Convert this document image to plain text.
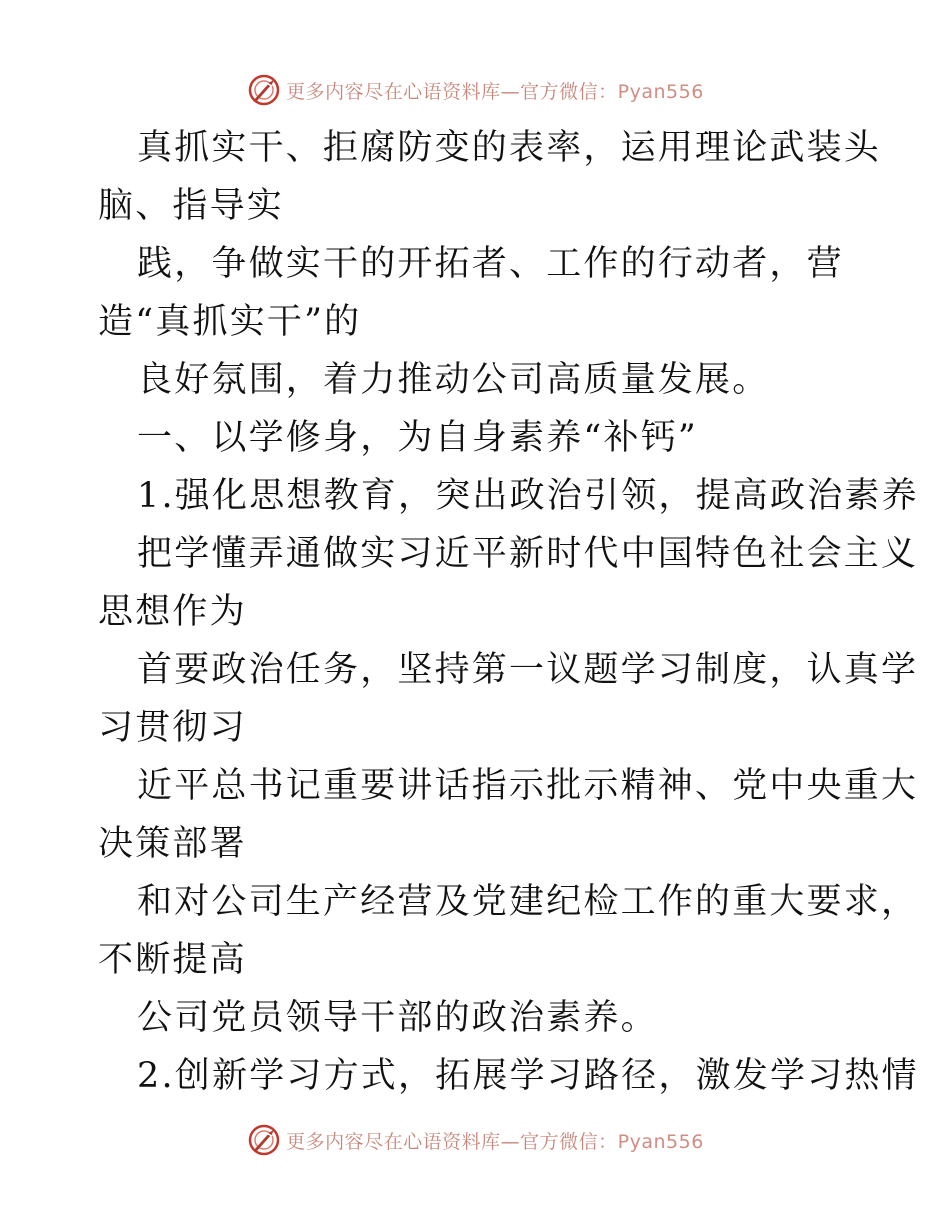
更多内容尽在心语资料库—官方微信：Pyan556
真抓实干、拒腐防变的表率，运用理论武装头
脑、指导实
践，争做实干的开拓者、工作的行动者，营
造“真抓实干”的
良好氛围，着力推动公司高质量发展。
一、以学修身，为自身素养“补钙”
1.强化思想教育，突出政治引领，提高政治素养
把学懂弄通做实习近平新时代中国特色社会主义
思想作为
首要政治任务，坚持第一议题学习制度，认真学
习贯彻习
近平总书记重要讲话指示批示精神、党中央重大
决策部署
和对公司生产经营及党建纪检工作的重大要求，
不断提高
公司党员领导干部的政治素养。
2.创新学习方式，拓展学习路径，激发学习热情
更多内容尽在心语资料库—官方微信：Pyan556
